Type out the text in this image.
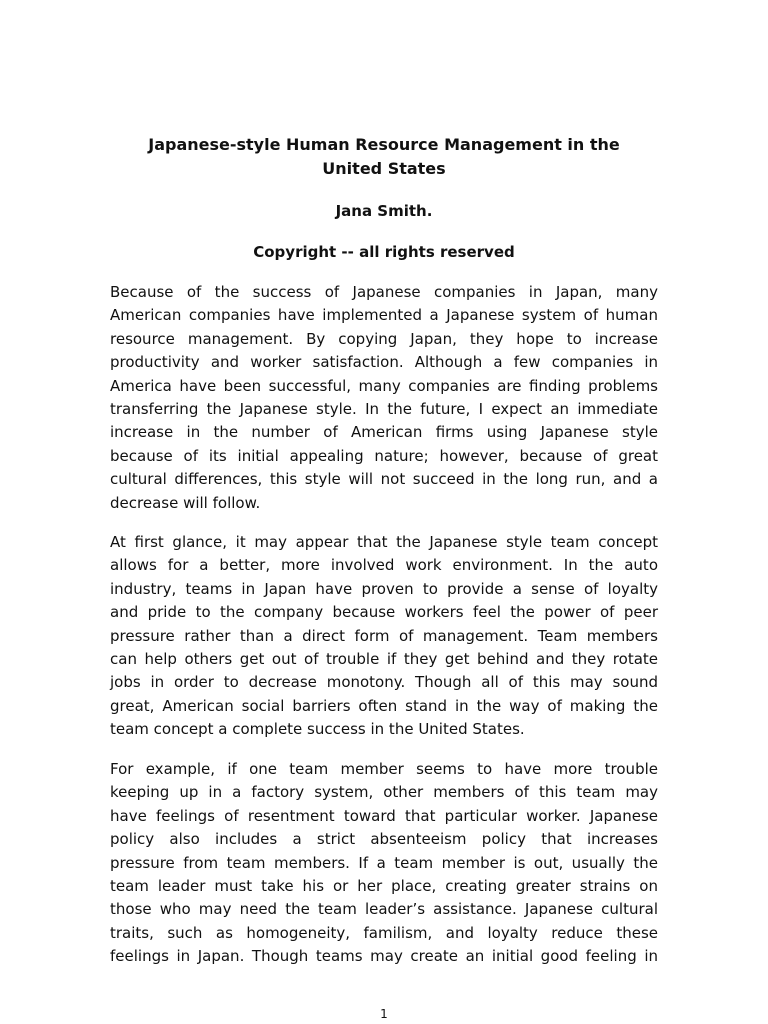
Japanese-style Human Resource Management in the
United States
Jana Smith.
Copyright -- all rights reserved

Because of the success of Japanese companies in Japan, many
American companies have implemented a Japanese system of human
resource management. By copying Japan, they hope to increase
productivity and worker satisfaction. Although a few companies in
America have been successful, many companies are finding problems
transferring the Japanese style. In the future, I expect an immediate
increase in the number of American firms using Japanese style
because of its initial appealing nature; however, because of great
cultural differences, this style will not succeed in the long run, and a
decrease will follow.

At first glance, it may appear that the Japanese style team concept
allows for a better, more involved work environment. In the auto
industry, teams in Japan have proven to provide a sense of loyalty
and pride to the company because workers feel the power of peer
pressure rather than a direct form of management. Team members
can help others get out of trouble if they get behind and they rotate
jobs in order to decrease monotony. Though all of this may sound
great, American social barriers often stand in the way of making the
team concept a complete success in the United States.

For example, if one team member seems to have more trouble
keeping up in a factory system, other members of this team may
have feelings of resentment toward that particular worker. Japanese
policy also includes a strict absenteeism policy that increases
pressure from team members. If a team member is out, usually the
team leader must take his or her place, creating greater strains on
those who may need the team leader’s assistance. Japanese cultural
traits, such as homogeneity, familism, and loyalty reduce these
feelings in Japan. Though teams may create an initial good feeling in

1
